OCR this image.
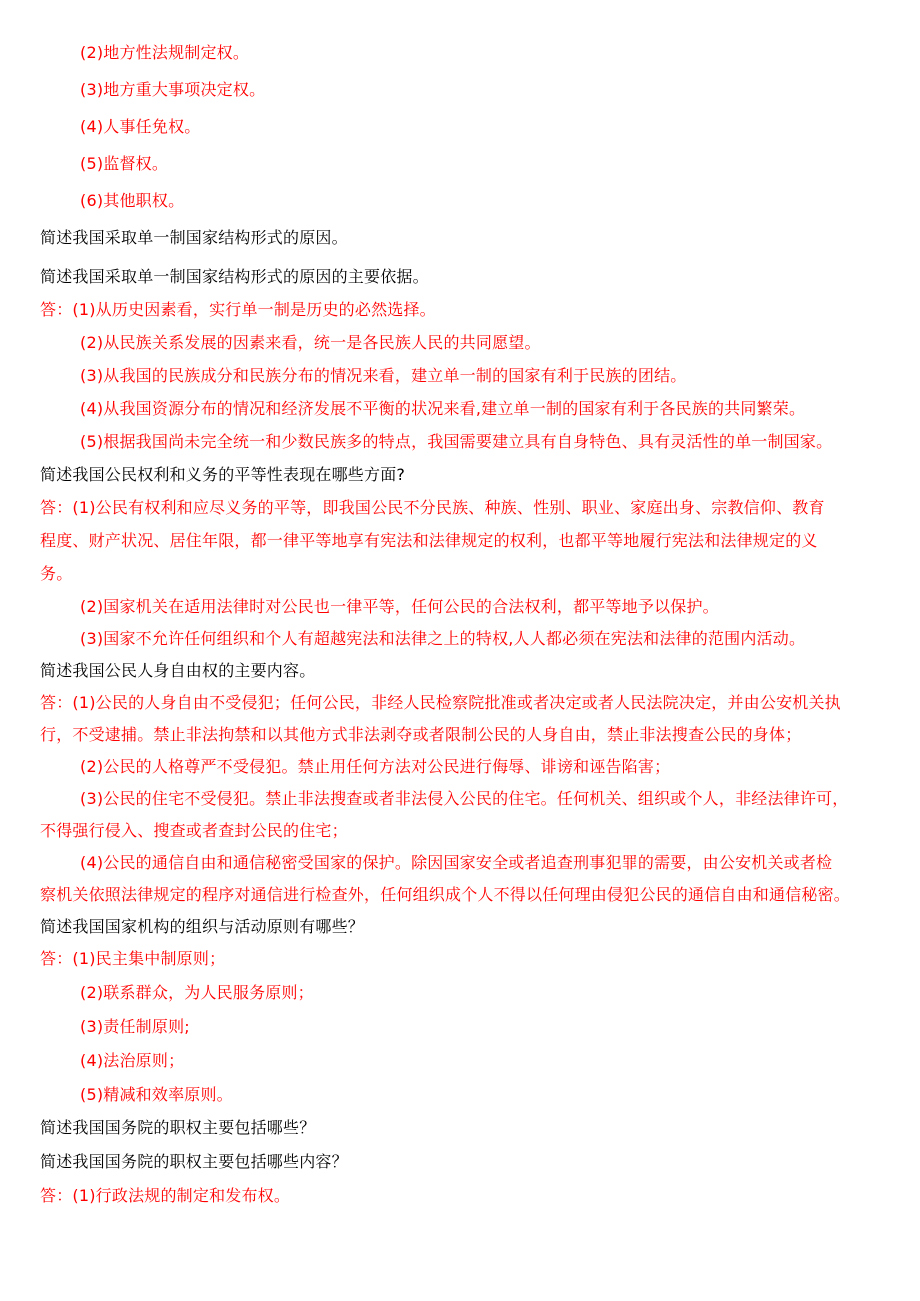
(2)地方性法规制定权。
(3)地方重大事项决定权。
(4)人事任免权。
(5)监督权。
(6)其他职权。
简述我国采取单一制国家结构形式的原因。
简述我国采取单一制国家结构形式的原因的主要依据。
答：(1)从历史因素看，实行单一制是历史的必然选择。
(2)从民族关系发展的因素来看，统一是各民族人民的共同愿望。
(3)从我国的民族成分和民族分布的情况来看，建立单一制的国家有利于民族的团结。
(4)从我国资源分布的情况和经济发展不平衡的状况来看,建立单一制的国家有利于各民族的共同繁荣。
(5)根据我国尚未完全统一和少数民族多的特点，我国需要建立具有自身特色、具有灵活性的单一制国家。
简述我国公民权利和义务的平等性表现在哪些方面?
答：(1)公民有权利和应尽义务的平等，即我国公民不分民族、种族、性别、职业、家庭出身、宗教信仰、教育
程度、财产状况、居住年限，都一律平等地享有宪法和法律规定的权利，也都平等地履行宪法和法律规定的义
务。
(2)国家机关在适用法律时对公民也一律平等，任何公民的合法权利，都平等地予以保护。
(3)国家不允许任何组织和个人有超越宪法和法律之上的特权,人人都必须在宪法和法律的范围内活动。
简述我国公民人身自由权的主要内容。
答：(1)公民的人身自由不受侵犯；任何公民，非经人民检察院批准或者决定或者人民法院决定，并由公安机关执
行，不受逮捕。禁止非法拘禁和以其他方式非法剥夺或者限制公民的人身自由，禁止非法搜查公民的身体；
(2)公民的人格尊严不受侵犯。禁止用任何方法对公民进行侮辱、诽谤和诬告陷害；
(3)公民的住宅不受侵犯。禁止非法搜查或者非法侵入公民的住宅。任何机关、组织或个人，非经法律许可，
不得强行侵入、搜查或者查封公民的住宅；
(4)公民的通信自由和通信秘密受国家的保护。除因国家安全或者追查刑事犯罪的需要，由公安机关或者检
察机关依照法律规定的程序对通信进行检查外，任何组织成个人不得以任何理由侵犯公民的通信自由和通信秘密。
简述我国国家机构的组织与活动原则有哪些？
答：(1)民主集中制原则；
(2)联系群众，为人民服务原则；
(3)责任制原则;
(4)法治原则；
(5)精减和效率原则。
简述我国国务院的职权主要包括哪些？
简述我国国务院的职权主要包括哪些内容？
答：(1)行政法规的制定和发布权。
